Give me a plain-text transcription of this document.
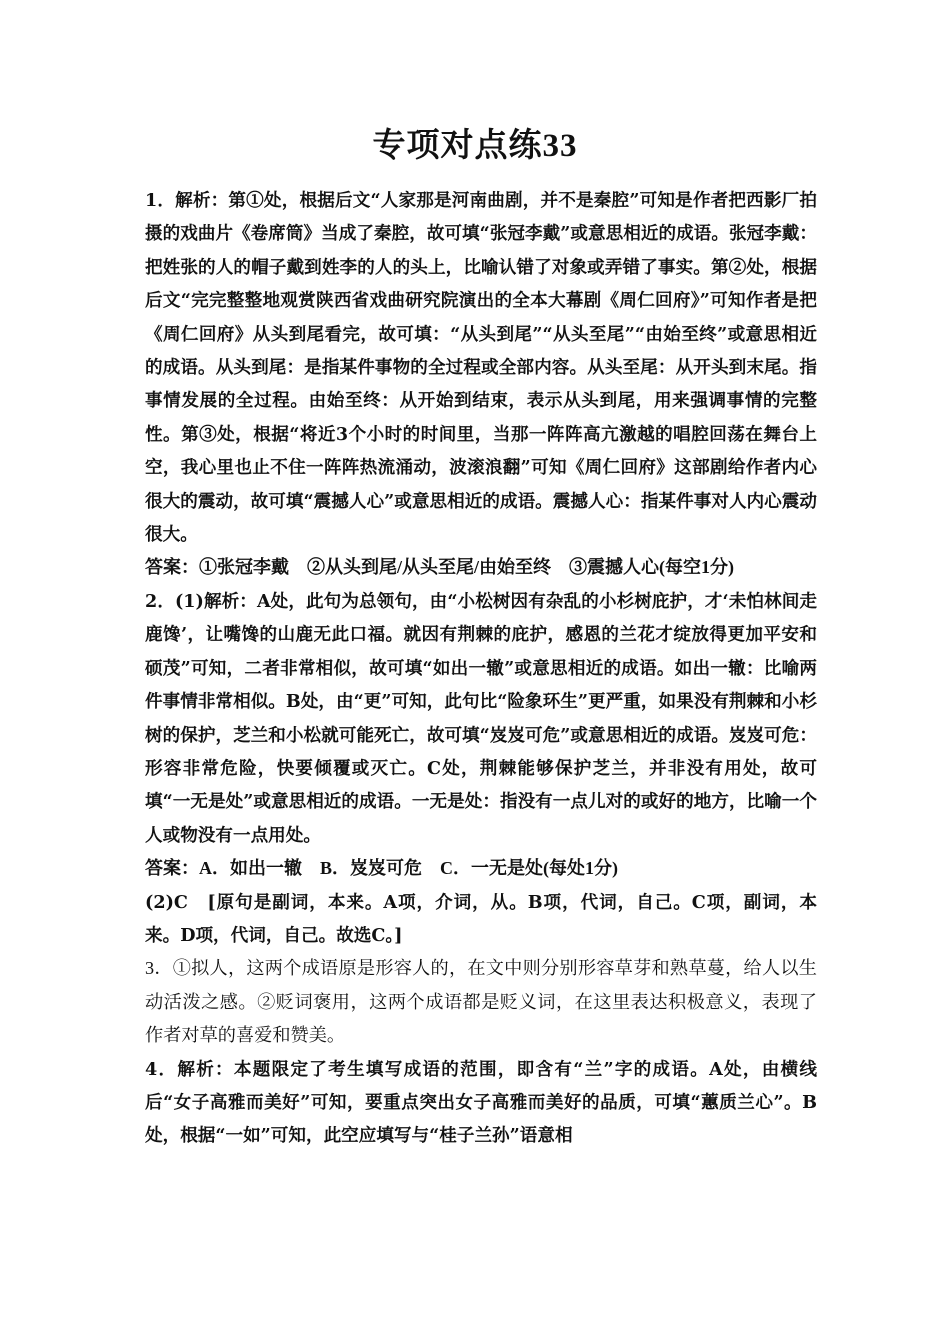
专项对点练33

1．解析：第①处，根据后文“人家那是河南曲剧，并不是秦腔”可知是作者把西影厂拍摄的戏曲片《卷席筒》当成了秦腔，故可填“张冠李戴”或意思相近的成语。张冠李戴：把姓张的人的帽子戴到姓李的人的头上，比喻认错了对象或弄错了事实。第②处，根据后文“完完整整地观赏陕西省戏曲研究院演出的全本大幕剧《周仁回府》”可知作者是把《周仁回府》从头到尾看完，故可填：“从头到尾”“从头至尾”“由始至终”或意思相近的成语。从头到尾：是指某件事物的全过程或全部内容。从头至尾：从开头到末尾。指事情发展的全过程。由始至终：从开始到结束，表示从头到尾，用来强调事情的完整性。第③处，根据“将近3个小时的时间里，当那一阵阵高亢激越的唱腔回荡在舞台上空，我心里也止不住一阵阵热流涌动，波滚浪翻”可知《周仁回府》这部剧给作者内心很大的震动，故可填“震撼人心”或意思相近的成语。震撼人心：指某件事对人内心震动很大。

答案：①张冠李戴　②从头到尾/从头至尾/由始至终　③震撼人心(每空1分)

2．(1)解析：A处，此句为总领句，由“小松树因有杂乱的小杉树庇护，才‘未怕林间走鹿馋’，让嘴馋的山鹿无此口福。就因有荆棘的庇护，感恩的兰花才绽放得更加平安和硕茂”可知，二者非常相似，故可填“如出一辙”或意思相近的成语。如出一辙：比喻两件事情非常相似。B处，由“更”可知，此句比“险象环生”更严重，如果没有荆棘和小杉树的保护，芝兰和小松就可能死亡，故可填“岌岌可危”或意思相近的成语。岌岌可危：形容非常危险，快要倾覆或灭亡。C处，荆棘能够保护芝兰，并非没有用处，故可填“一无是处”或意思相近的成语。一无是处：指没有一点儿对的或好的地方，比喻一个人或物没有一点用处。

答案：A．如出一辙　B．岌岌可危　C．一无是处(每处1分)

(2)C　[原句是副词，本来。A项，介词，从。B项，代词，自己。C项，副词，本来。D项，代词，自己。故选C。]

3．①拟人，这两个成语原是形容人的，在文中则分别形容草芽和熟草蔓，给人以生动活泼之感。②贬词褒用，这两个成语都是贬义词，在这里表达积极意义，表现了作者对草的喜爱和赞美。

4．解析：本题限定了考生填写成语的范围，即含有“兰”字的成语。A处，由横线后“女子高雅而美好”可知，要重点突出女子高雅而美好的品质，可填“蕙质兰心”。B处，根据“一如”可知，此空应填写与“桂子兰孙”语意相
